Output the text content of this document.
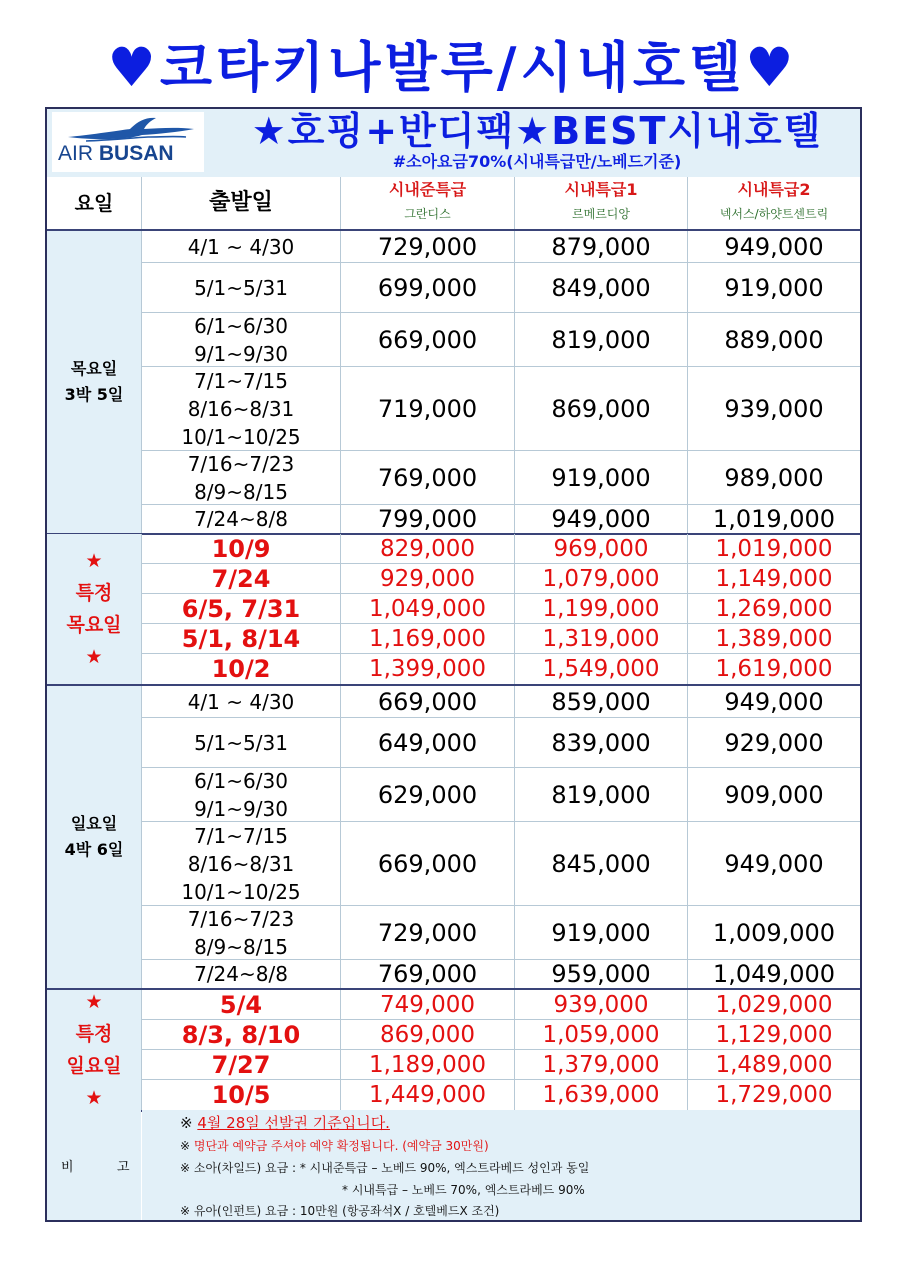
♥코타키나발루/시내호텔♥
AIR BUSAN
★호핑+반디팩★BEST시내호텔
#소아요금70%(시내특급만/노베드기준)
요일	출발일
시내준특급
그란디스
시내특급1
르메르디앙
시내특급2
넥서스/하얏트센트릭
목요일
3박 5일
4/1 ~ 4/30	729,000	879,000	949,000
5/1~5/31	699,000	849,000	919,000
6/1~6/30
9/1~9/30	669,000	819,000	889,000
7/1~7/15
8/16~8/31
10/1~10/25
719,000	869,000	939,000
7/16~7/23
8/9~8/15	769,000	919,000	989,000
7/24~8/8	799,000	949,000	1,019,000
★
특정
목요일
★
10/9	829,000	969,000	1,019,000
7/24	929,000	1,079,000	1,149,000
6/5, 7/31	1,049,000	1,199,000	1,269,000
5/1, 8/14	1,169,000	1,319,000	1,389,000
10/2	1,399,000	1,549,000	1,619,000
일요일
4박 6일
4/1 ~ 4/30	669,000	859,000	949,000
5/1~5/31	649,000	839,000	929,000
6/1~6/30
9/1~9/30	629,000	819,000	909,000
7/1~7/15
8/16~8/31
10/1~10/25
669,000	845,000	949,000
7/16~7/23
8/9~8/15	729,000	919,000	1,009,000
7/24~8/8	769,000	959,000	1,049,000
★
특정
일요일
★
5/4	749,000	939,000	1,029,000
8/3, 8/10	869,000	1,059,000	1,129,000
7/27	1,189,000	1,379,000	1,489,000
10/5	1,449,000	1,639,000	1,729,000
비	고
※ 4월 28일 선발권 기준입니다.
※ 명단과 예약금 주셔야 예약 확정됩니다. (예약금 30만원)
※ 소아(차일드) 요금 : * 시내준특급 – 노베드 90%, 엑스트라베드 성인과 동일
* 시내특급 – 노베드 70%, 엑스트라베드 90%
※ 유아(인펀트) 요금 : 10만원 (항공좌석X / 호텔베드X 조건)
